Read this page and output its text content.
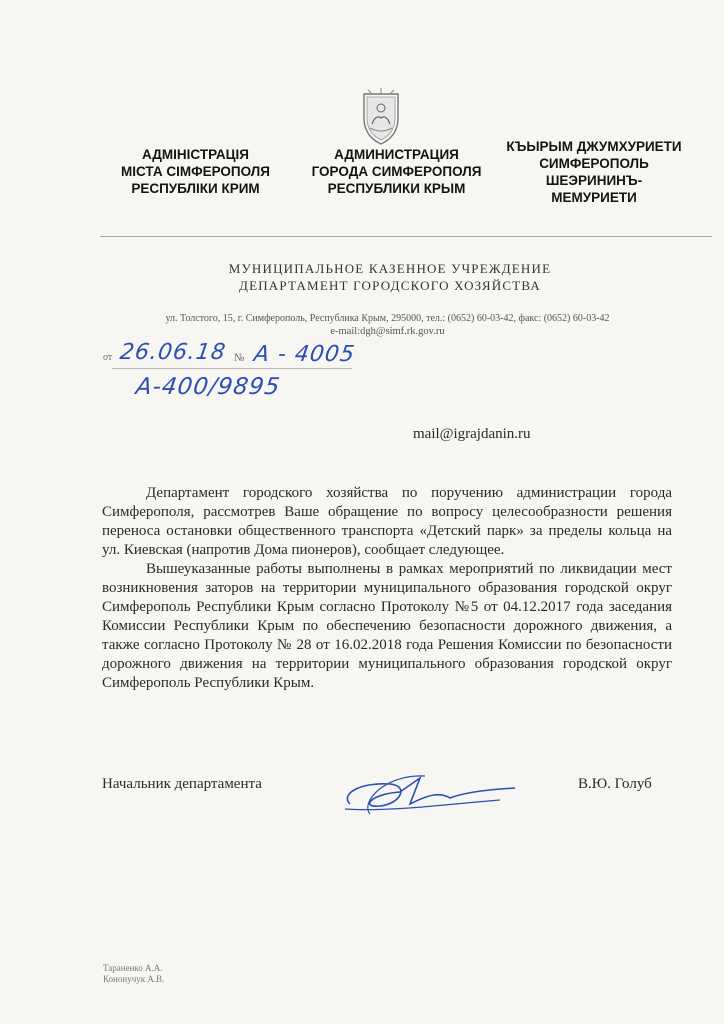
АДМІНІСТРАЦІЯ
МІСТА СІМФЕРОПОЛЯ
РЕСПУБЛІКИ КРИМ
АДМИНИСТРАЦИЯ
ГОРОДА СИМФЕРОПОЛЯ
РЕСПУБЛИКИ КРЫМ
КЪЫРЫМ ДЖУМХУРИЕТИ
СИМФЕРОПОЛЬ
ШЕЭРИНИНЪ-
МЕМУРИЕТИ
МУНИЦИПАЛЬНОЕ КАЗЕННОЕ УЧРЕЖДЕНИЕ
ДЕПАРТАМЕНТ ГОРОДСКОГО ХОЗЯЙСТВА
ул. Толстого, 15, г. Симферополь, Республика Крым, 295000, тел.: (0652) 60-03-42, факс: (0652) 60-03-42
e-mail:dgh@simf.rk.gov.ru
от 26.06.18 № А - 4005
А-400/9895
mail@igrajdanin.ru

Департамент городского хозяйства по поручению администрации города Симферополя, рассмотрев Ваше обращение по вопросу целесообразности решения переноса остановки общественного транспорта «Детский парк» за пределы кольца на ул. Киевская (напротив Дома пионеров), сообщает следующее.

Вышеуказанные работы выполнены в рамках мероприятий по ликвидации мест возникновения заторов на территории муниципального образования городской округ Симферополь Республики Крым согласно Протоколу №5 от 04.12.2017 года заседания Комиссии Республики Крым по обеспечению безопасности дорожного движения, а также согласно Протоколу № 28 от 16.02.2018 года Решения Комиссии по безопасности дорожного движения на территории муниципального образования городской округ Симферополь Республики Крым.

Начальник департамента	В.Ю. Голуб
Тараненко А.А.
Кононучук А.В.
